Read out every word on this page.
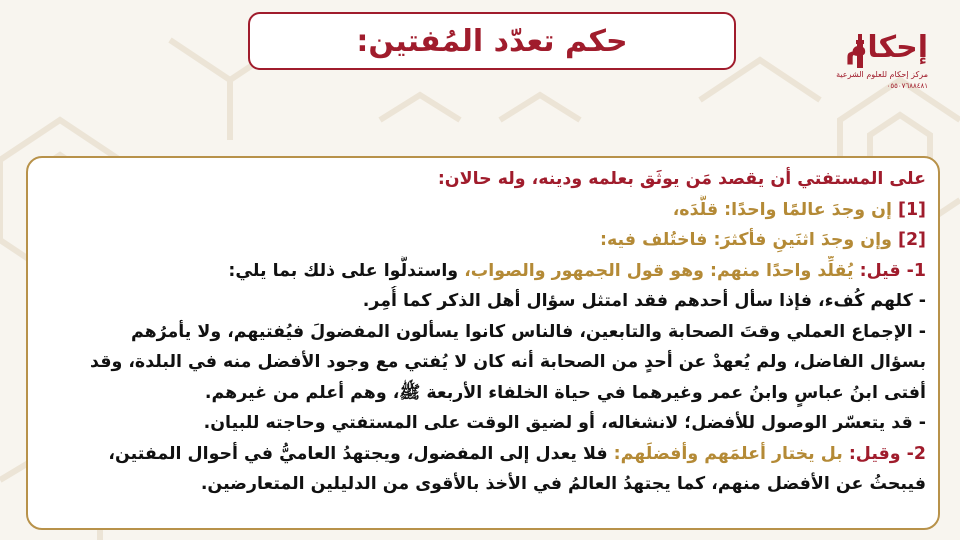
حكم تعدّد المُفتين:	إحكام
مركز إحكام للعلوم الشرعية
٠٥٥٠٧٦٨٨٤٨١
على المستفتي أن يقصد مَن يوثَق بعلمه ودينه، وله حالان:
[1] إن وجدَ عالمًا واحدًا: قلَّدَه،
[2] وإن وجدَ اثنَينِ فأكثرَ: فاختُلف فيه:
1- قيل: يُقلِّد واحدًا منهم: وهو قول الجمهور والصواب، واستدلُّوا على ذلك بما يلي:
- كلهم كُفء، فإذا سأل أحدهم فقد امتثل سؤال أهل الذكر كما أُمِر.
- الإجماع العملي وقتَ الصحابة والتابعين، فالناس كانوا يسألون المفضولَ فيُفتيهم، ولا يأمرُهم
بسؤال الفاضل، ولم يُعهدْ عن أحدٍ من الصحابة أنه كان لا يُفتي مع وجود الأفضل منه في البلدة، وقد
أفتى ابنُ عباسٍ وابنُ عمر وغيرهما في حياة الخلفاء الأربعة ﷺ، وهم أعلم من غيرهم.
- قد يتعسّر الوصول للأفضل؛ لانشغاله، أو لضيق الوقت على المستفتي وحاجته للبيان.
2- وقيل: بل يختار أعلمَهم وأفضلَهم: فلا يعدل إلى المفضول، ويجتهدُ العاميُّ في أحوال المفتين،
فيبحثُ عن الأفضل منهم، كما يجتهدُ العالمُ في الأخذ بالأقوى من الدليلين المتعارضين.
